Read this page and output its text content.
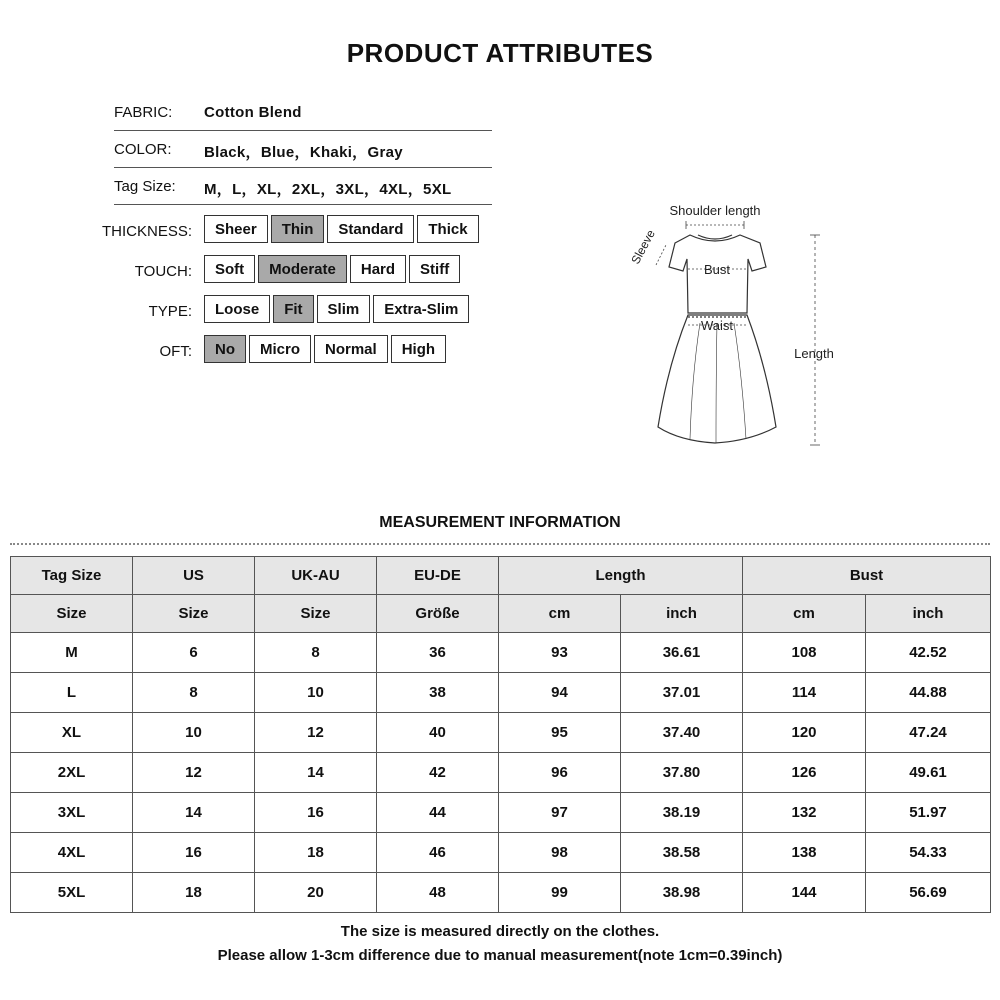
PRODUCT ATTRIBUTES
FABRIC: Cotton Blend
COLOR: Black，Blue，Khaki，Gray
Tag Size: M，L，XL，2XL，3XL，4XL，5XL
THICKNESS:	Sheer	Thin	Standard	Thick
TOUCH:	Soft	Moderate	Hard	Stiff
TYPE:	Loose	Fit	Slim	Extra-Slim
OFT:	No	Micro	Normal	High
Shoulder length
Sleeve
Bust
Waist
Length
MEASUREMENT INFORMATION
Tag Size	US	UK-AU	EU-DE	Length		Bust	
Size	Size	Size	Größe	cm	inch	cm	inch
M	6	8	36	93	36.61	108	42.52
L	8	10	38	94	37.01	114	44.88
XL	10	12	40	95	37.40	120	47.24
2XL	12	14	42	96	37.80	126	49.61
3XL	14	16	44	97	38.19	132	51.97
4XL	16	18	46	98	38.58	138	54.33
5XL	18	20	48	99	38.98	144	56.69
The size is measured directly on the clothes.
Please allow 1-3cm difference due to manual measurement(note 1cm=0.39inch)
